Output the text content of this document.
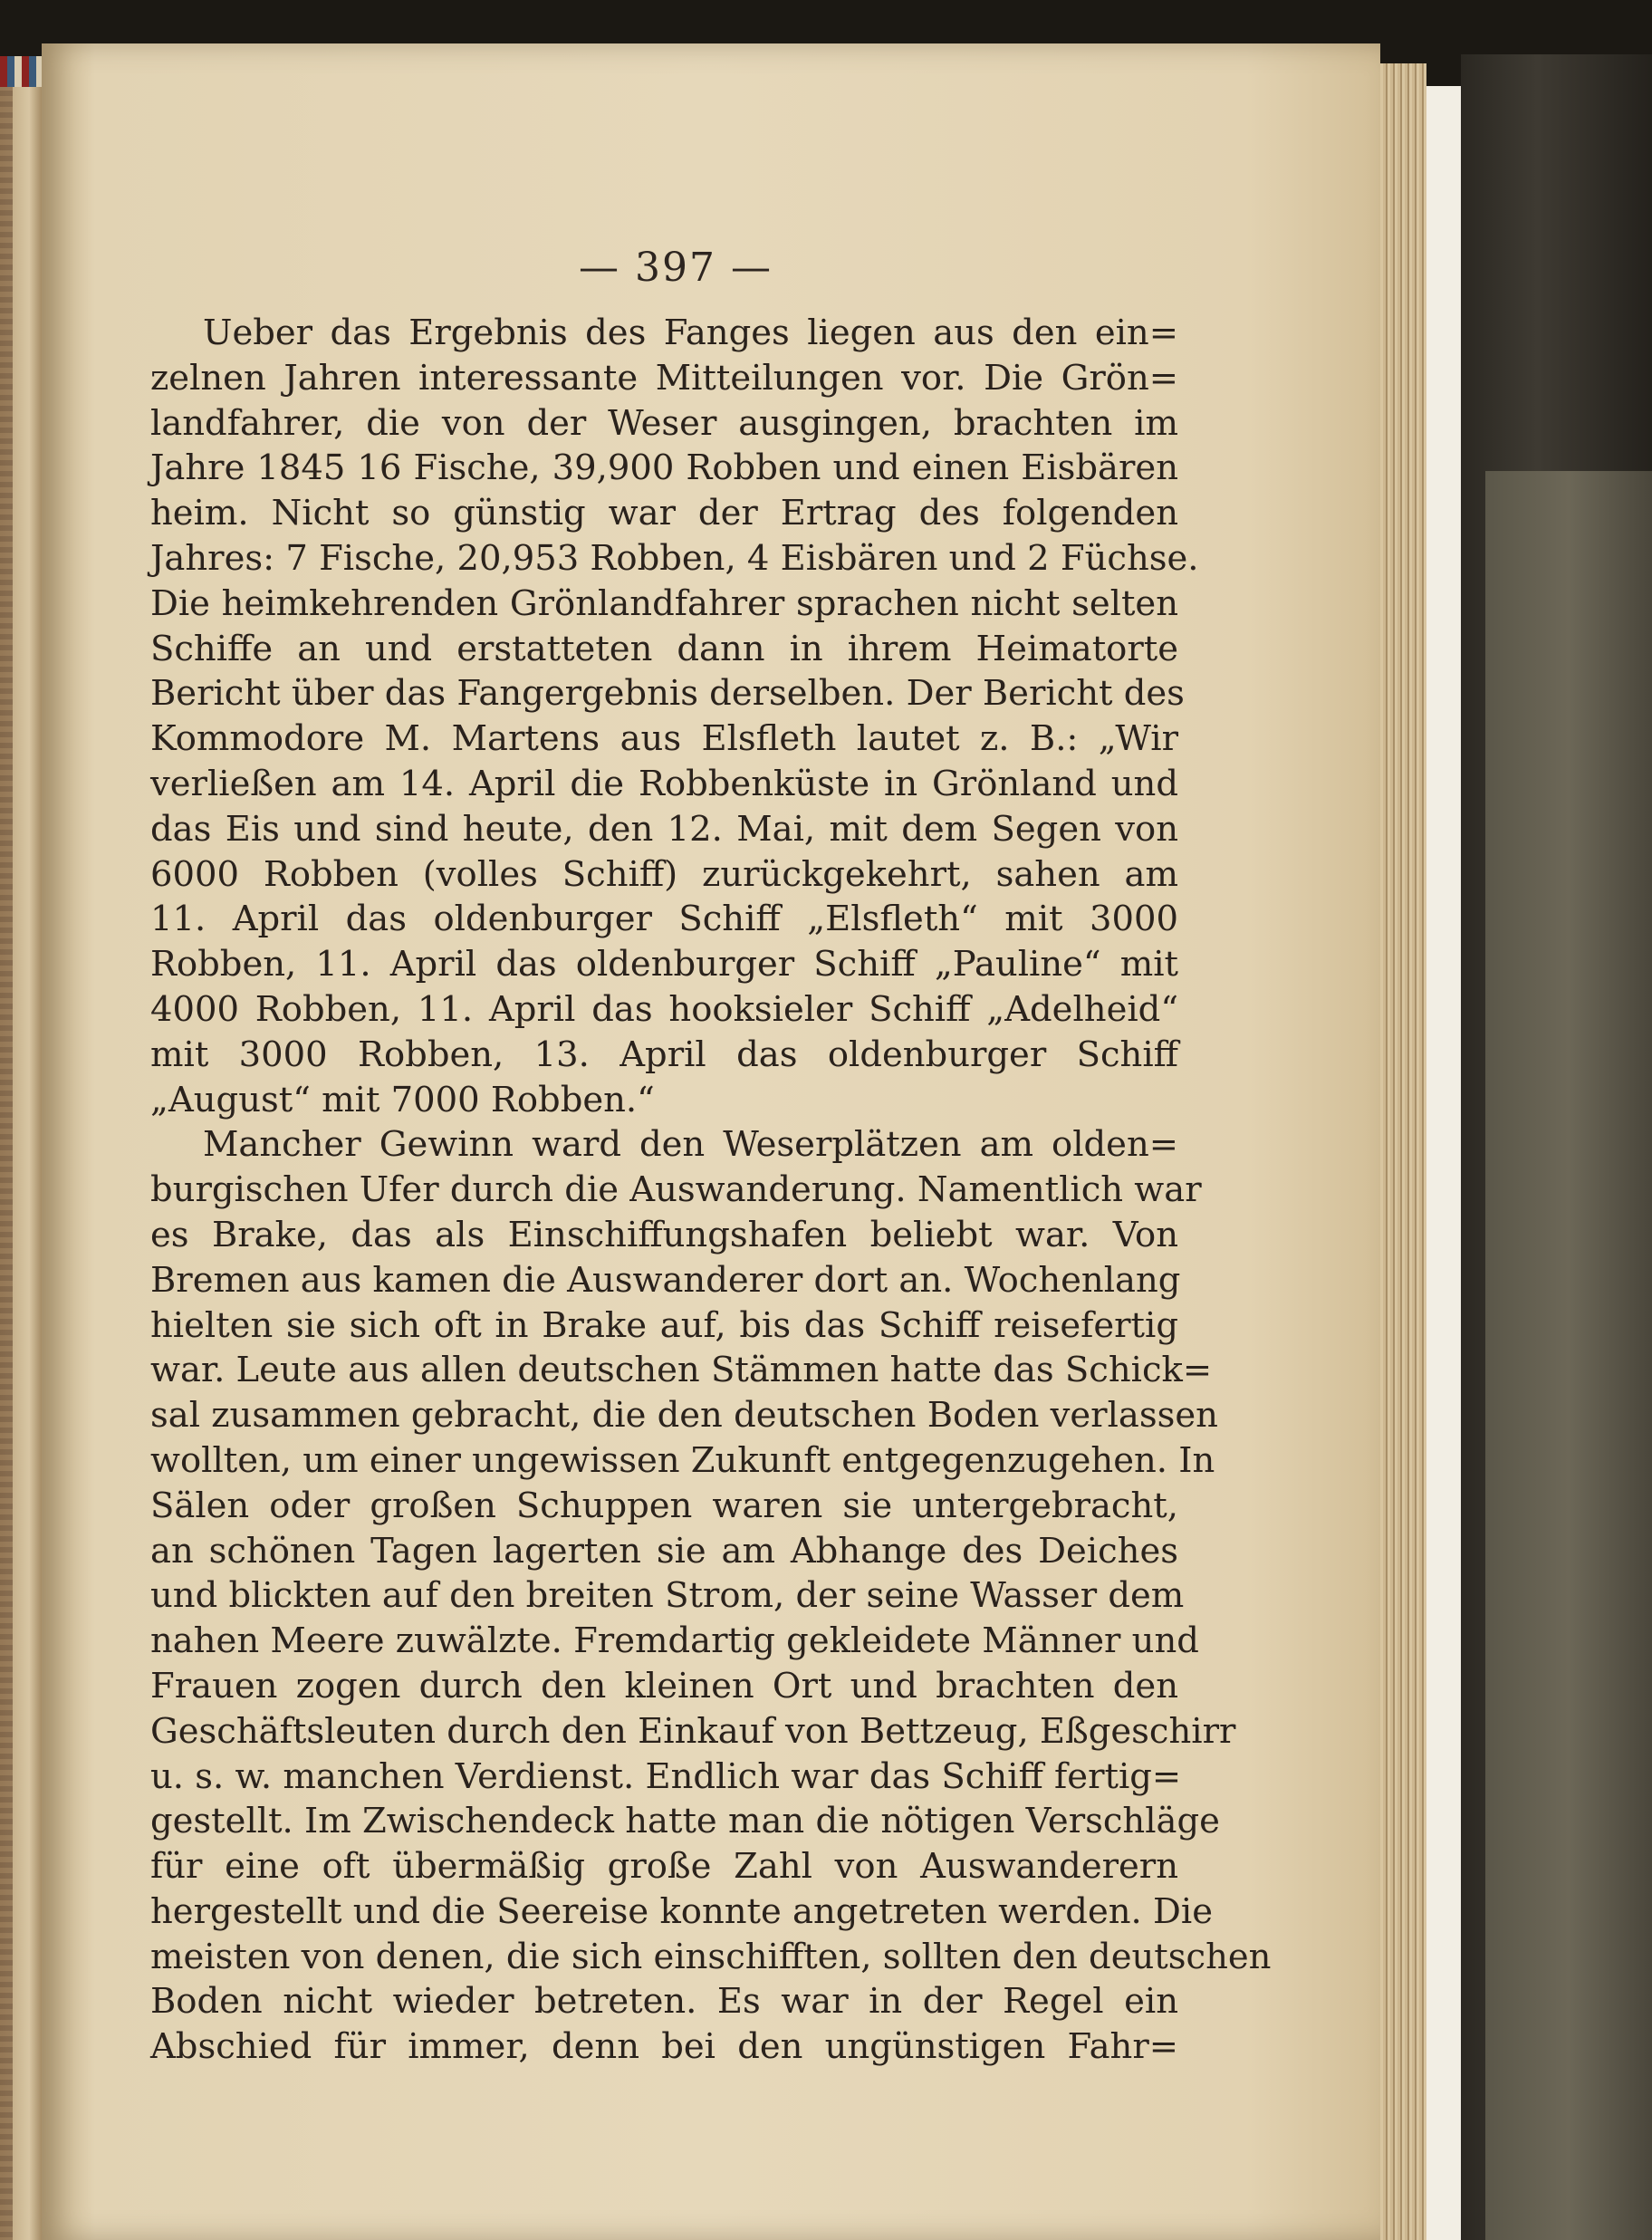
— 397 —
Ueber das Ergebnis des Fanges liegen aus den ein=
zelnen Jahren interessante Mitteilungen vor. Die Grön=
landfahrer, die von der Weser ausgingen, brachten im
Jahre 1845 16 Fische, 39,900 Robben und einen Eisbären
heim. Nicht so günstig war der Ertrag des folgenden
Jahres: 7 Fische, 20,953 Robben, 4 Eisbären und 2 Füchse.
Die heimkehrenden Grönlandfahrer sprachen nicht selten
Schiffe an und erstatteten dann in ihrem Heimatorte
Bericht über das Fangergebnis derselben. Der Bericht des
Kommodore M. Martens aus Elsfleth lautet z. B.: „Wir
verließen am 14. April die Robbenküste in Grönland und
das Eis und sind heute, den 12. Mai, mit dem Segen von
6000 Robben (volles Schiff) zurückgekehrt, sahen am
11. April das oldenburger Schiff „Elsfleth“ mit 3000
Robben, 11. April das oldenburger Schiff „Pauline“ mit
4000 Robben, 11. April das hooksieler Schiff „Adelheid“
mit 3000 Robben, 13. April das oldenburger Schiff
„August“ mit 7000 Robben.“
Mancher Gewinn ward den Weserplätzen am olden=
burgischen Ufer durch die Auswanderung. Namentlich war
es Brake, das als Einschiffungshafen beliebt war. Von
Bremen aus kamen die Auswanderer dort an. Wochenlang
hielten sie sich oft in Brake auf, bis das Schiff reisefertig
war. Leute aus allen deutschen Stämmen hatte das Schick=
sal zusammen gebracht, die den deutschen Boden verlassen
wollten, um einer ungewissen Zukunft entgegenzugehen. In
Sälen oder großen Schuppen waren sie untergebracht,
an schönen Tagen lagerten sie am Abhange des Deiches
und blickten auf den breiten Strom, der seine Wasser dem
nahen Meere zuwälzte. Fremdartig gekleidete Männer und
Frauen zogen durch den kleinen Ort und brachten den
Geschäftsleuten durch den Einkauf von Bettzeug, Eßgeschirr
u. s. w. manchen Verdienst. Endlich war das Schiff fertig=
gestellt. Im Zwischendeck hatte man die nötigen Verschläge
für eine oft übermäßig große Zahl von Auswanderern
hergestellt und die Seereise konnte angetreten werden. Die
meisten von denen, die sich einschifften, sollten den deutschen
Boden nicht wieder betreten. Es war in der Regel ein
Abschied für immer, denn bei den ungünstigen Fahr=
